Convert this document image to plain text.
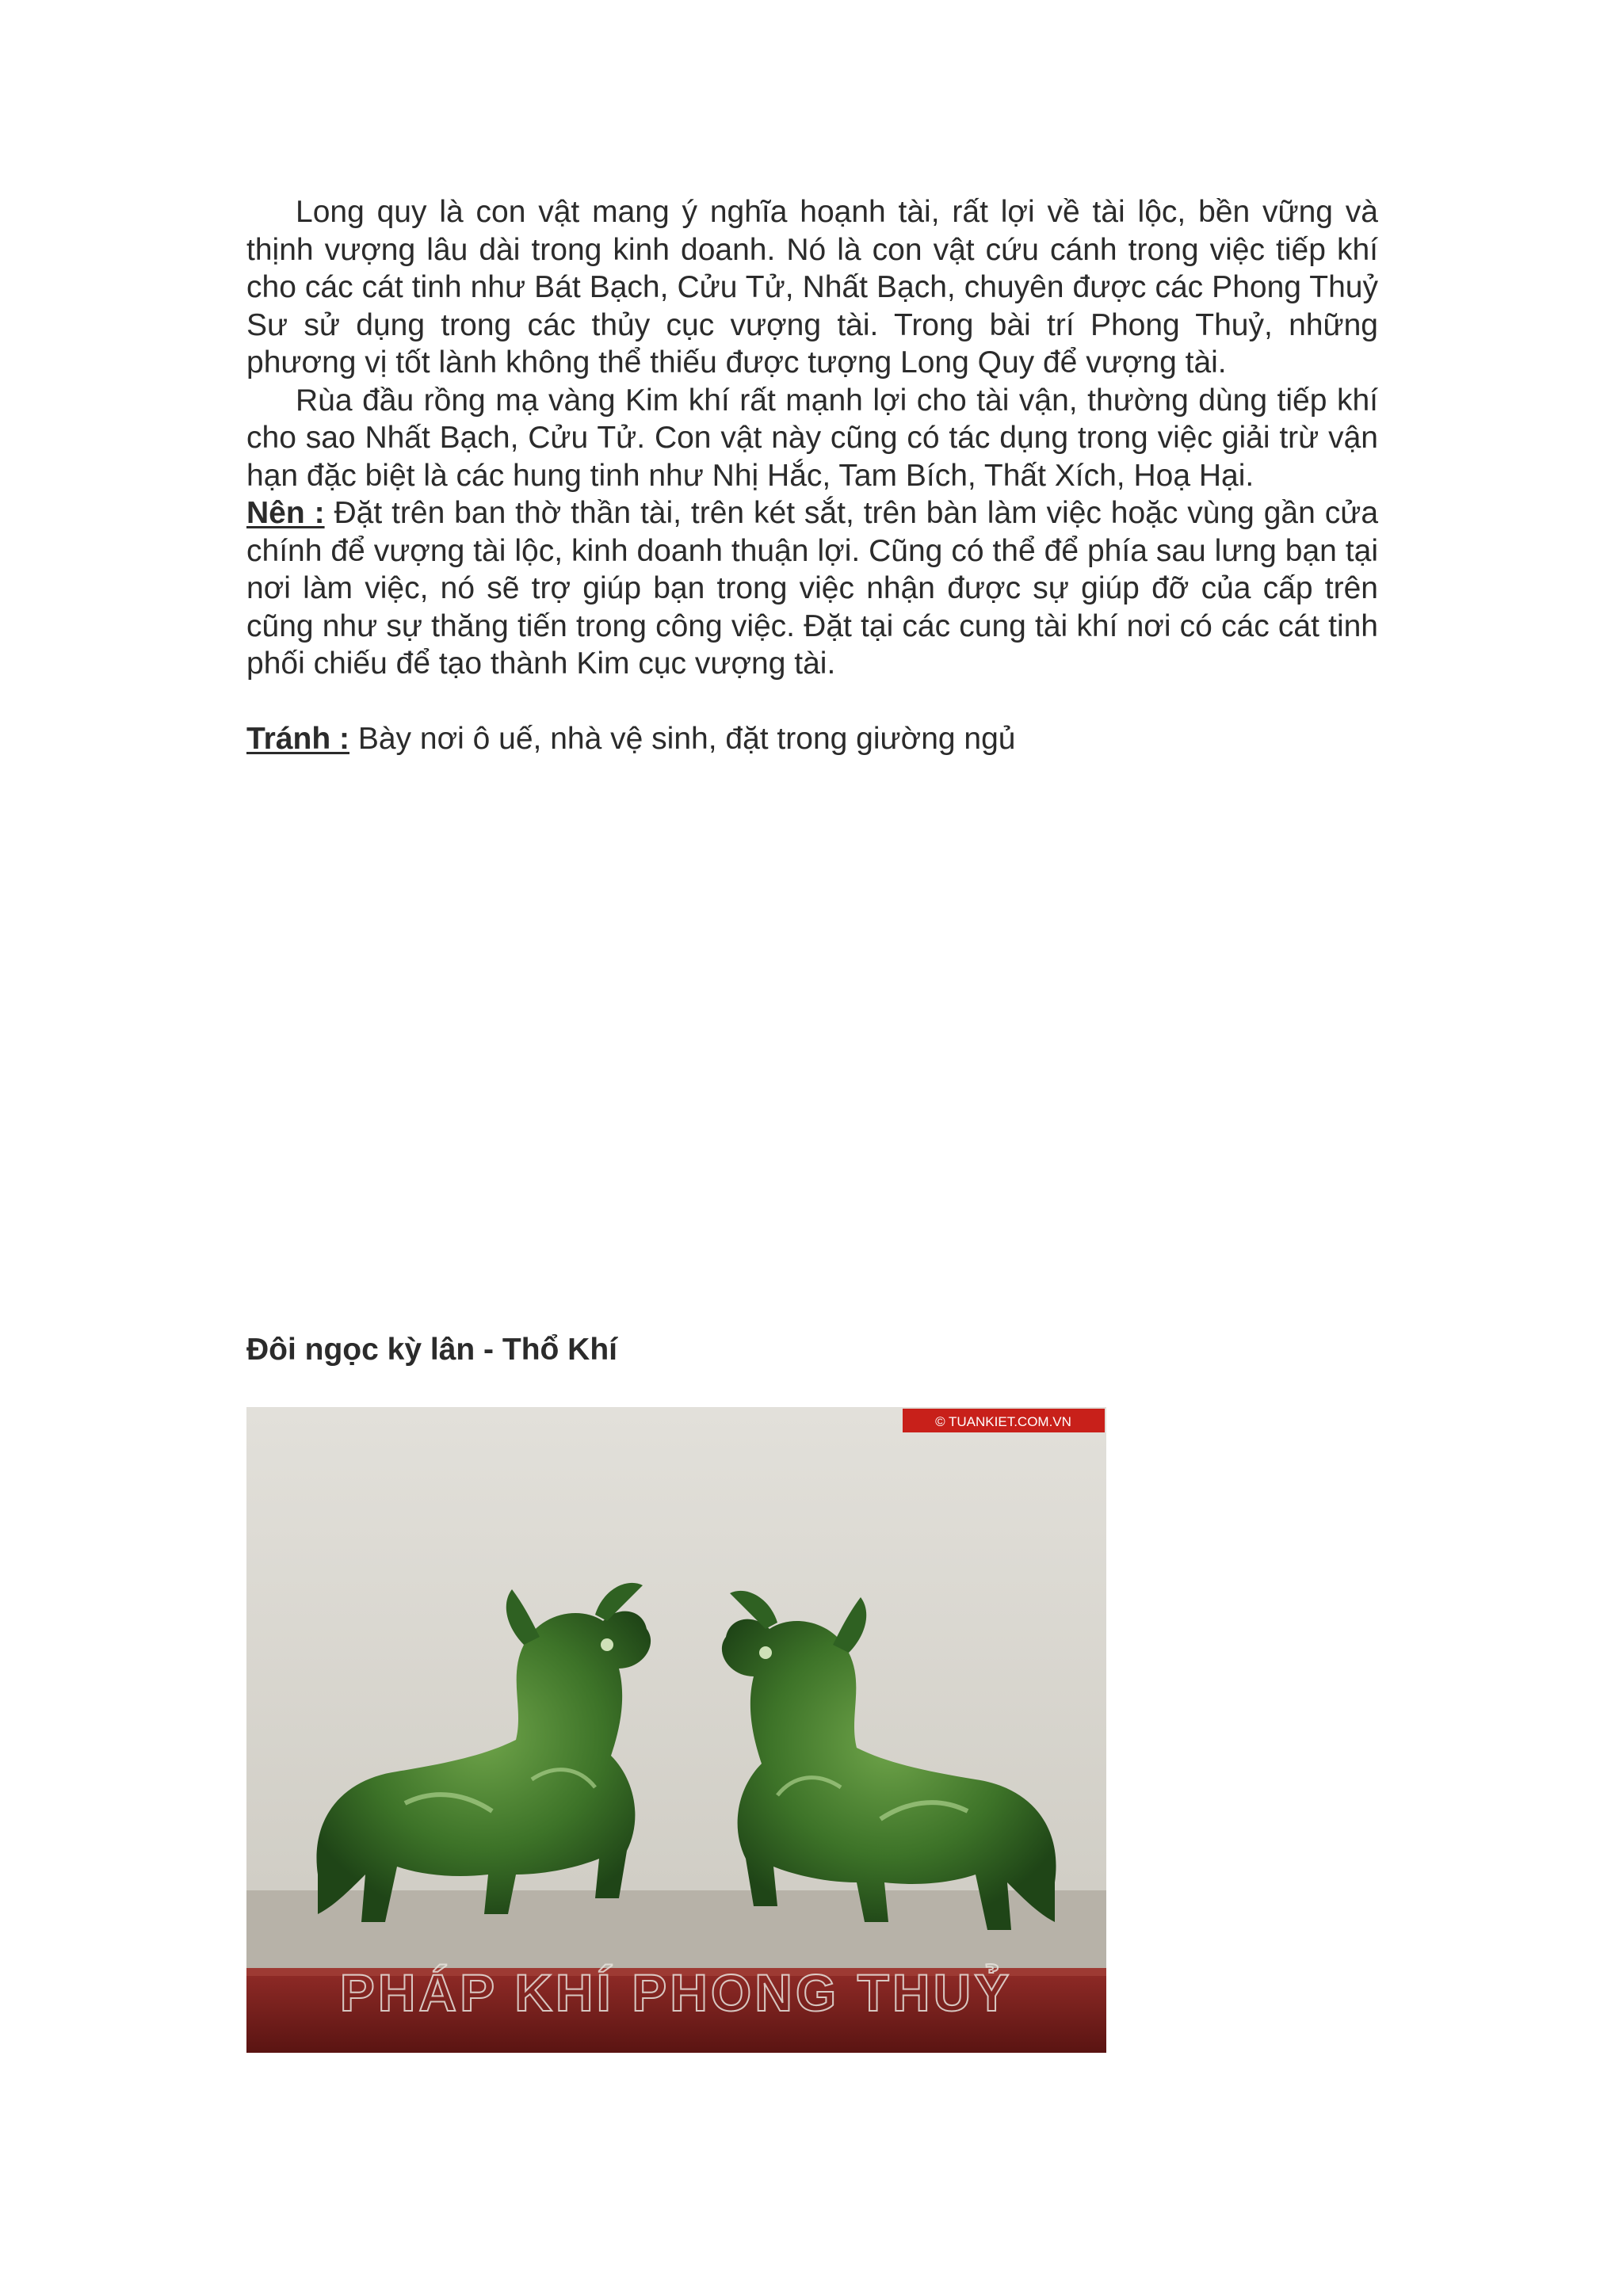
Long quy là con vật mang ý nghĩa hoạnh tài, rất lợi về tài lộc, bền vững và thịnh vượng lâu dài trong kinh doanh. Nó là con vật cứu cánh trong việc tiếp khí cho các cát tinh như Bát Bạch, Cửu Tử, Nhất Bạch, chuyên được các Phong Thuỷ Sư sử dụng trong các thủy cục vượng tài. Trong bài trí Phong Thuỷ, những phương vị tốt lành không thể thiếu được tượng Long Quy để vượng tài.

Rùa đầu rồng mạ vàng Kim khí rất mạnh lợi cho tài vận, thường dùng tiếp khí cho sao Nhất Bạch, Cửu Tử. Con vật này cũng có tác dụng trong việc giải trừ vận hạn đặc biệt là các hung tinh như Nhị Hắc, Tam Bích, Thất Xích, Hoạ Hại.

Nên : Đặt trên ban thờ thần tài, trên két sắt, trên bàn làm việc hoặc vùng gần cửa chính để vượng tài lộc, kinh doanh thuận lợi. Cũng có thể để phía sau lưng bạn tại nơi làm việc, nó sẽ trợ giúp bạn trong việc nhận được sự giúp đỡ của cấp trên cũng như sự thăng tiến trong công việc. Đặt tại các cung tài khí nơi có các cát tinh phối chiếu để tạo thành Kim cục vượng tài.

Tránh : Bày nơi ô uế, nhà vệ sinh, đặt trong giường ngủ

Đôi ngọc kỳ lân - Thổ Khí
© TUANKIET.COM.VN
PHÁP KHÍ PHONG THUỶ
